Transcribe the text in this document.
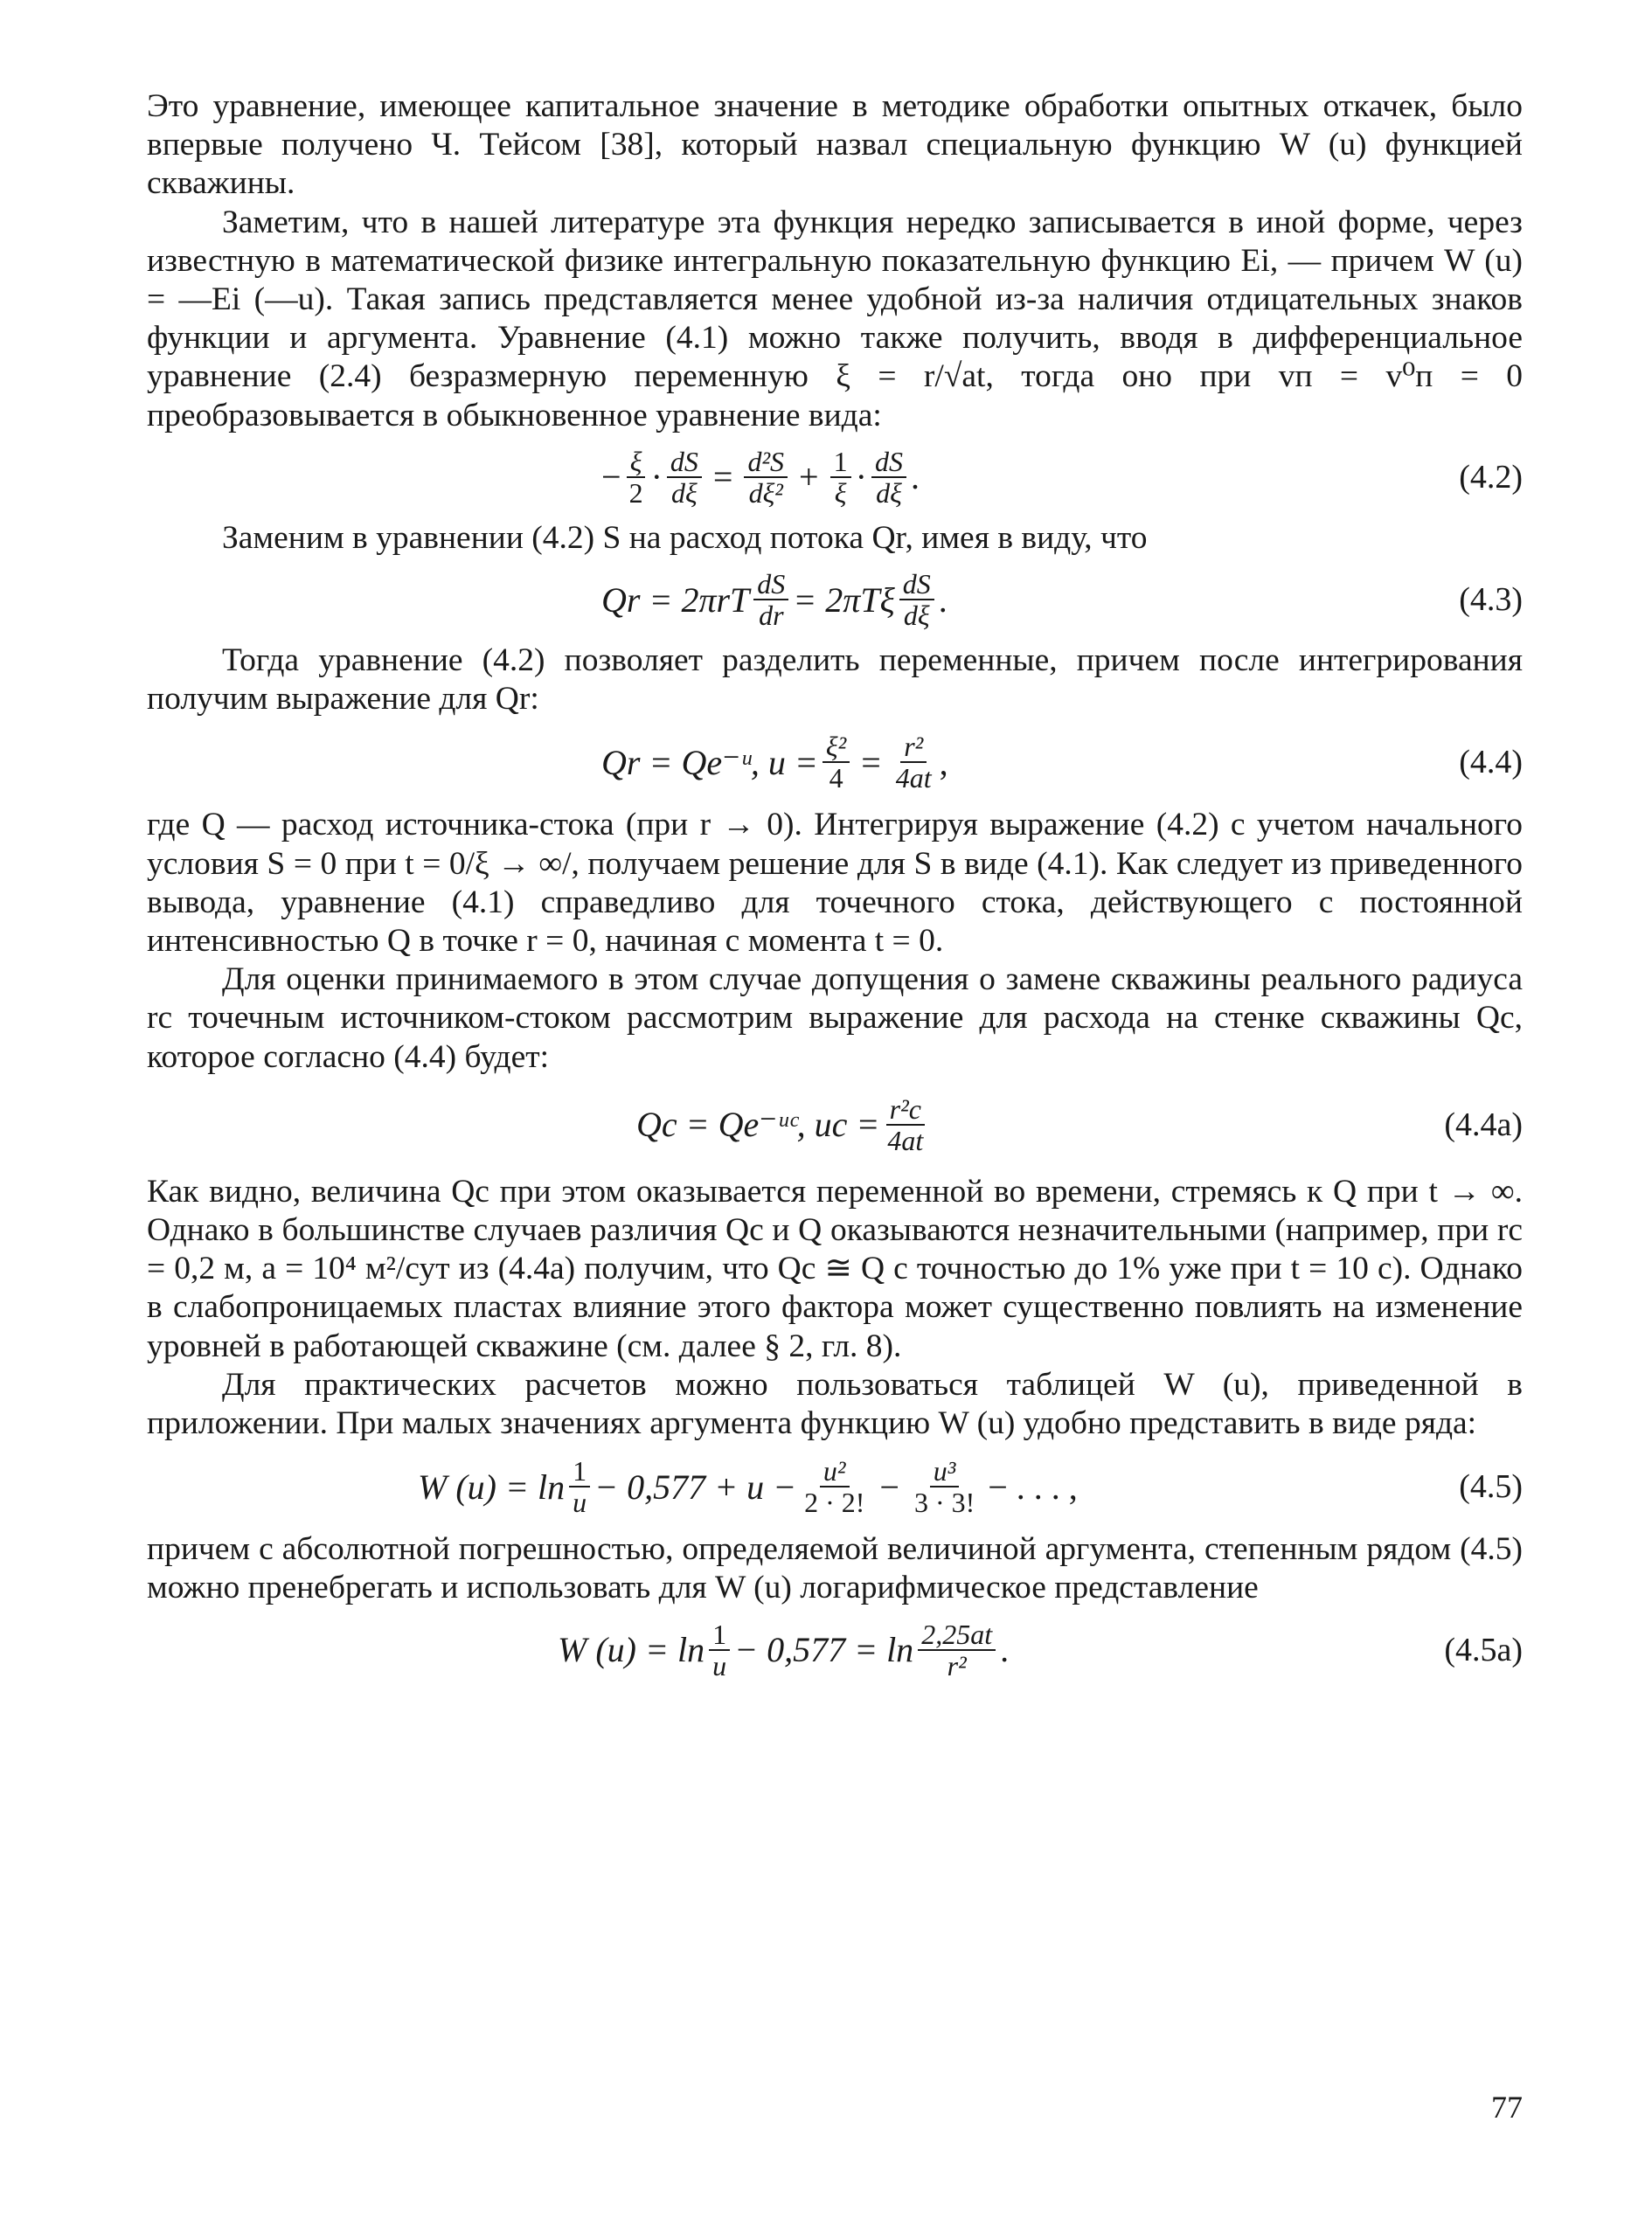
Это уравнение, имеющее капитальное значение в методике обработки опытных откачек, было впервые получено Ч. Тейсом [38], который назвал специальную функцию W (u) функцией скважины.

Заметим, что в нашей литературе эта функция нередко записывается в иной форме, через известную в математической физике интегральную показательную функцию Ei, — причем W (u) = —Ei (—u). Такая запись представляется менее удобной из-за наличия отдицательных знаков функции и аргумента. Уравнение (4.1) можно также получить, вводя в дифференциальное уравнение (2.4) безразмерную переменную ξ = r/√at, тогда оно при vп = v⁰п = 0 преобразовывается в обыкновенное уравнение вида:

− $\frac{\xi}{2} \cdot \frac{dS}{d\xi} = \frac{\text{d²S}}{\text{dξ²}} + \frac{1}{\xi} \cdot \frac{dS}{d\xi}$ .	(4.2)

Заменим в уравнении (4.2) S на расход потока Qr, имея в виду, что

$Qr = 2\pi rT \frac{dS}{dr} = 2\pi T\xi \frac{dS}{d\xi}$ .	(4.3)

Тогда уравнение (4.2) позволяет разделить переменные, причем после интегрирования получим выражение для Qr:

Qr = Qe⁻ᵘ, $u = \frac{\text{ξ²}}{4} = \frac{\text{r²}}{4at}$ ,	(4.4)

где Q — расход источника-стока (при r → 0). Интегрируя выражение (4.2) с учетом начального условия S = 0 при t = 0/ξ → ∞/, получаем решение для S в виде (4.1). Как следует из приведенного вывода, уравнение (4.1) справедливо для точечного стока, действующего с постоянной интенсивностью Q в точке r = 0, начиная с момента t = 0.

Для оценки принимаемого в этом случае допущения о замене скважины реального радиуса rc точечным источником-стоком рассмотрим выражение для расхода на стенке скважины Qc, которое согласно (4.4) будет:

Qc = Qe⁻ᵘᶜ, uc = $\frac{\text{r²c}}{4at}$	(4.4а)

Как видно, величина Qc при этом оказывается переменной во времени, стремясь к Q при t → ∞. Однако в большинстве случаев различия Qc и Q оказываются незначительными (например, при rc = 0,2 м, a = 10⁴ м²/сут из (4.4а) получим, что Qc ≅ Q с точностью до 1% уже при t = 10 с). Однако в слабопроницаемых пластах влияние этого фактора может существенно повлиять на изменение уровней в работающей скважине (см. далее § 2, гл. 8).

Для практических расчетов можно пользоваться таблицей W (u), приведенной в приложении. При малых значениях аргумента функцию W (u) удобно представить в виде ряда:

W $(u) = \ln \frac{1}{u} - 0,577 + u - \frac{\text{u²}}{2 \cdot 2!} - \frac{\text{u³}}{3 \cdot 3!}$ − . . . ,	(4.5)

причем с абсолютной погрешностью, определяемой величиной аргумента, степенным рядом (4.5) можно пренебрегать и использовать для W (u) логарифмическое представление

W $(u) = \ln \frac{1}{u} - 0,577 = \ln \frac{2,25at}{\text{r²}}$ .	(4.5а)
77
